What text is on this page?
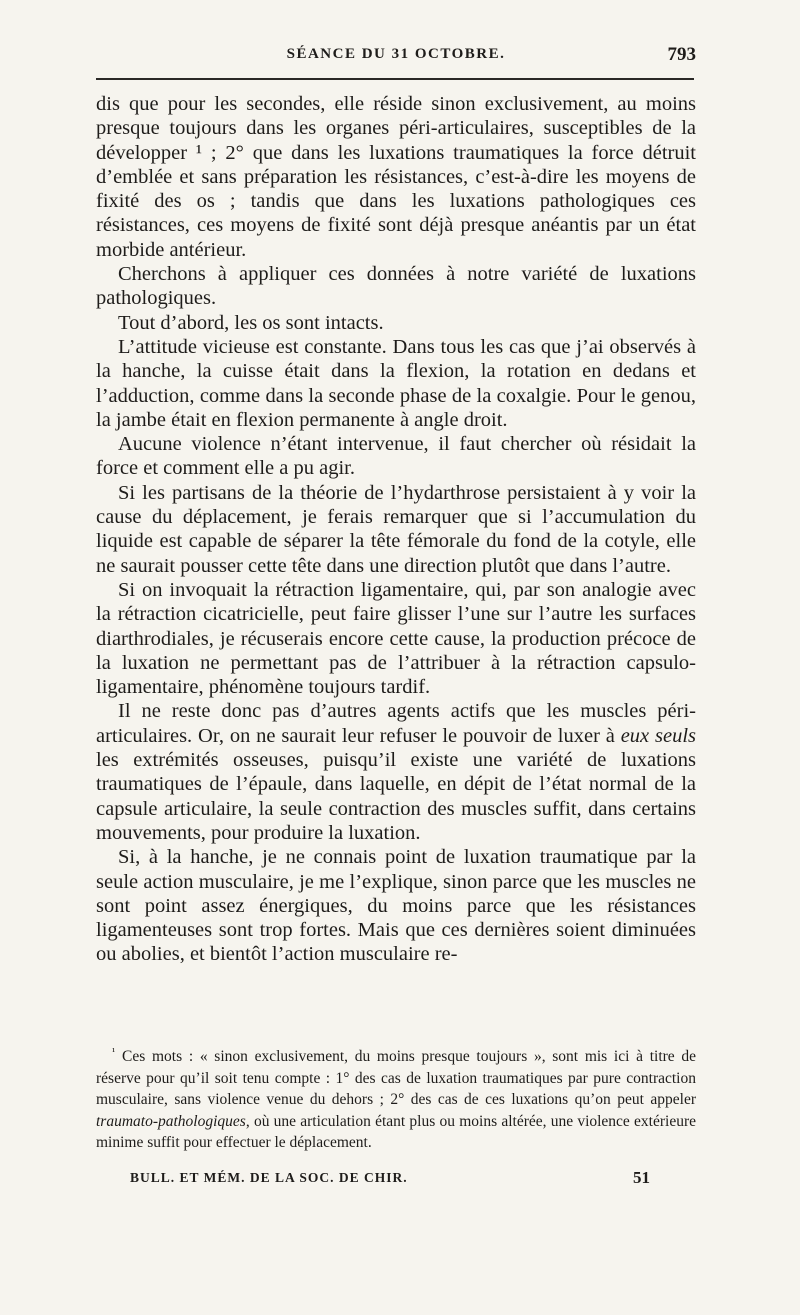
SÉANCE DU 31 OCTOBRE.	793

dis que pour les secondes, elle réside sinon exclusivement, au moins presque toujours dans les organes péri-articulaires, susceptibles de la développer ¹ ; 2° que dans les luxations traumatiques la force détruit d’emblée et sans préparation les résistances, c’est-à-dire les moyens de fixité des os ; tandis que dans les luxations pathologiques ces résistances, ces moyens de fixité sont déjà presque anéantis par un état morbide antérieur.

Cherchons à appliquer ces données à notre variété de luxations pathologiques.

Tout d’abord, les os sont intacts.

L’attitude vicieuse est constante. Dans tous les cas que j’ai observés à la hanche, la cuisse était dans la flexion, la rotation en dedans et l’adduction, comme dans la seconde phase de la coxalgie. Pour le genou, la jambe était en flexion permanente à angle droit.

Aucune violence n’étant intervenue, il faut chercher où résidait la force et comment elle a pu agir.

Si les partisans de la théorie de l’hydarthrose persistaient à y voir la cause du déplacement, je ferais remarquer que si l’accumulation du liquide est capable de séparer la tête fémorale du fond de la cotyle, elle ne saurait pousser cette tête dans une direction plutôt que dans l’autre.

Si on invoquait la rétraction ligamentaire, qui, par son analogie avec la rétraction cicatricielle, peut faire glisser l’une sur l’autre les surfaces diarthrodiales, je récuserais encore cette cause, la production précoce de la luxation ne permettant pas de l’attribuer à la rétraction capsulo-ligamentaire, phénomène toujours tardif.

Il ne reste donc pas d’autres agents actifs que les muscles péri-articulaires. Or, on ne saurait leur refuser le pouvoir de luxer à eux seuls les extrémités osseuses, puisqu’il existe une variété de luxations traumatiques de l’épaule, dans laquelle, en dépit de l’état normal de la capsule articulaire, la seule contraction des muscles suffit, dans certains mouvements, pour produire la luxation.

Si, à la hanche, je ne connais point de luxation traumatique par la seule action musculaire, je me l’explique, sinon parce que les muscles ne sont point assez énergiques, du moins parce que les résistances ligamenteuses sont trop fortes. Mais que ces dernières soient diminuées ou abolies, et bientôt l’action musculaire re-

$^{^1}$ Ces mots : « sinon exclusivement, du moins presque toujours », sont mis ici à titre de réserve pour qu’il soit tenu compte : 1° des cas de luxation traumatiques par pure contraction musculaire, sans violence venue du dehors ; 2° des cas de ces luxations qu’on peut appeler traumato-pathologiques, où une articulation étant plus ou moins altérée, une violence extérieure minime suffit pour effectuer le déplacement.

BULL. ET MÉM. DE LA SOC. DE CHIR.	51
